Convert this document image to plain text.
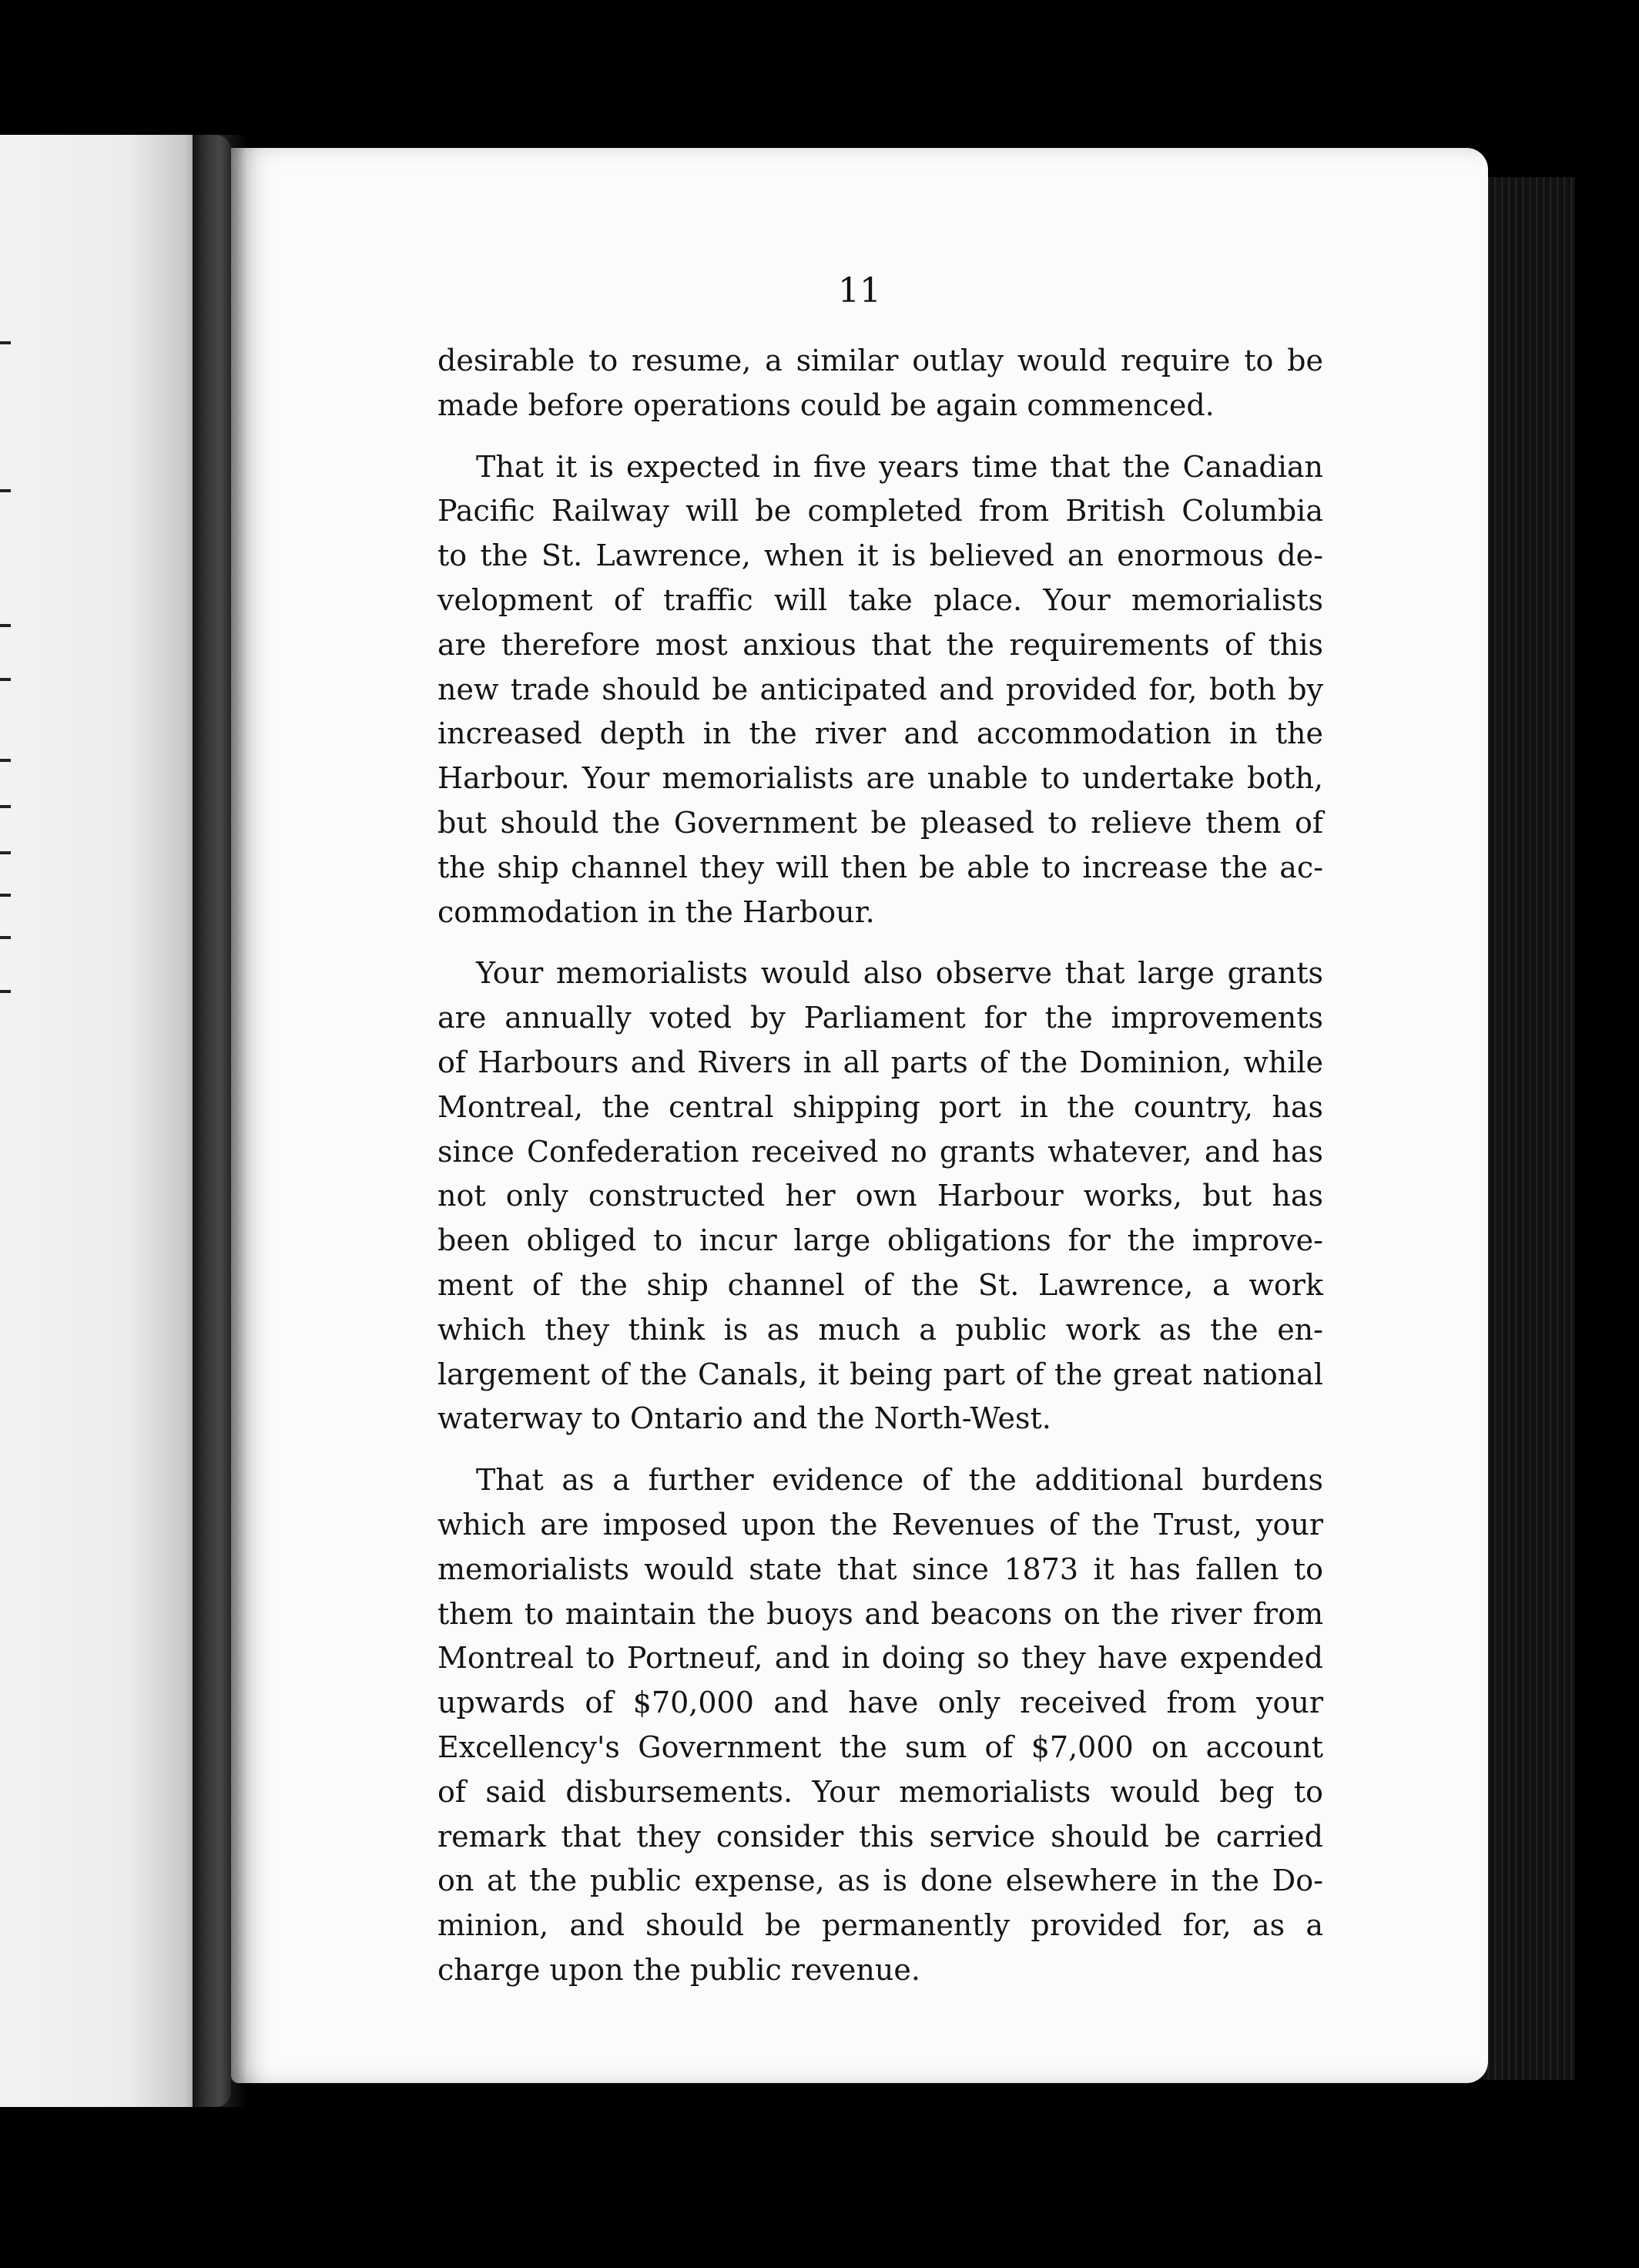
11
desirable to resume, a similar outlay would require to be
made before operations could be again commenced.
That it is expected in five years time that the Canadian
Pacific Railway will be completed from British Columbia
to the St. Lawrence, when it is believed an enormous de-
velopment of traffic will take place. Your memorialists
are therefore most anxious that the requirements of this
new trade should be anticipated and provided for, both by
increased depth in the river and accommodation in the
Harbour. Your memorialists are unable to undertake both,
but should the Government be pleased to relieve them of
the ship channel they will then be able to increase the ac-
commodation in the Harbour.
Your memorialists would also observe that large grants
are annually voted by Parliament for the improvements
of Harbours and Rivers in all parts of the Dominion, while
Montreal, the central shipping port in the country, has
since Confederation received no grants whatever, and has
not only constructed her own Harbour works, but has
been obliged to incur large obligations for the improve-
ment of the ship channel of the St. Lawrence, a work
which they think is as much a public work as the en-
largement of the Canals, it being part of the great national
waterway to Ontario and the North-West.
That as a further evidence of the additional burdens
which are imposed upon the Revenues of the Trust, your
memorialists would state that since 1873 it has fallen to
them to maintain the buoys and beacons on the river from
Montreal to Portneuf, and in doing so they have expended
upwards of $70,000 and have only received from your
Excellency's Government the sum of $7,000 on account
of said disbursements. Your memorialists would beg to
remark that they consider this service should be carried
on at the public expense, as is done elsewhere in the Do-
minion, and should be permanently provided for, as a
charge upon the public revenue.
